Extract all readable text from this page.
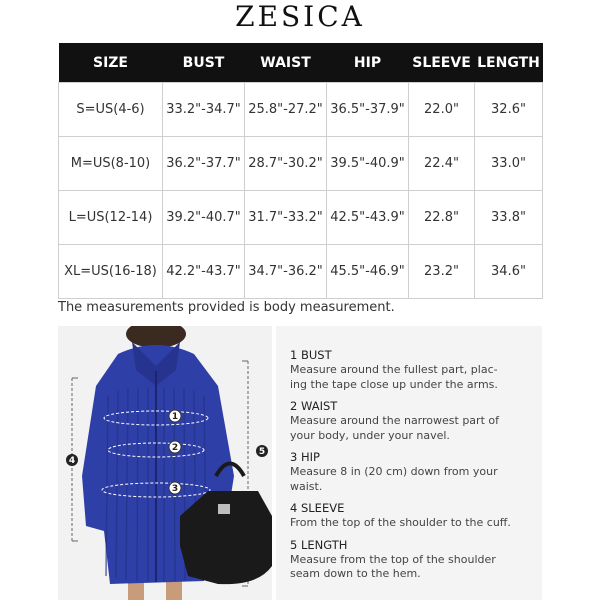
ZESICA
SIZE	BUST	WAIST	HIP	SLEEVE	LENGTH
S=US(4-6)	33.2"-34.7"	25.8"-27.2"	36.5"-37.9"	22.0"	32.6"
M=US(8-10)	36.2"-37.7"	28.7"-30.2"	39.5"-40.9"	22.4"	33.0"
L=US(12-14)	39.2"-40.7"	31.7"-33.2"	42.5"-43.9"	22.8"	33.8"
XL=US(16-18)	42.2"-43.7"	34.7"-36.2"	45.5"-46.9"	23.2"	34.6"
The measurements provided is body measurement.
1
2
3
4
5
1 BUST
Measure around the fullest part, plac-
ing the tape close up under the arms.
2 WAIST
Measure around the narrowest part of
your body, under your navel.
3 HIP
Measure 8 in (20 cm) down from your
waist.
4 SLEEVE
From the top of the shoulder to the cuff.
5 LENGTH
Measure from the top of the shoulder
seam down to the hem.
